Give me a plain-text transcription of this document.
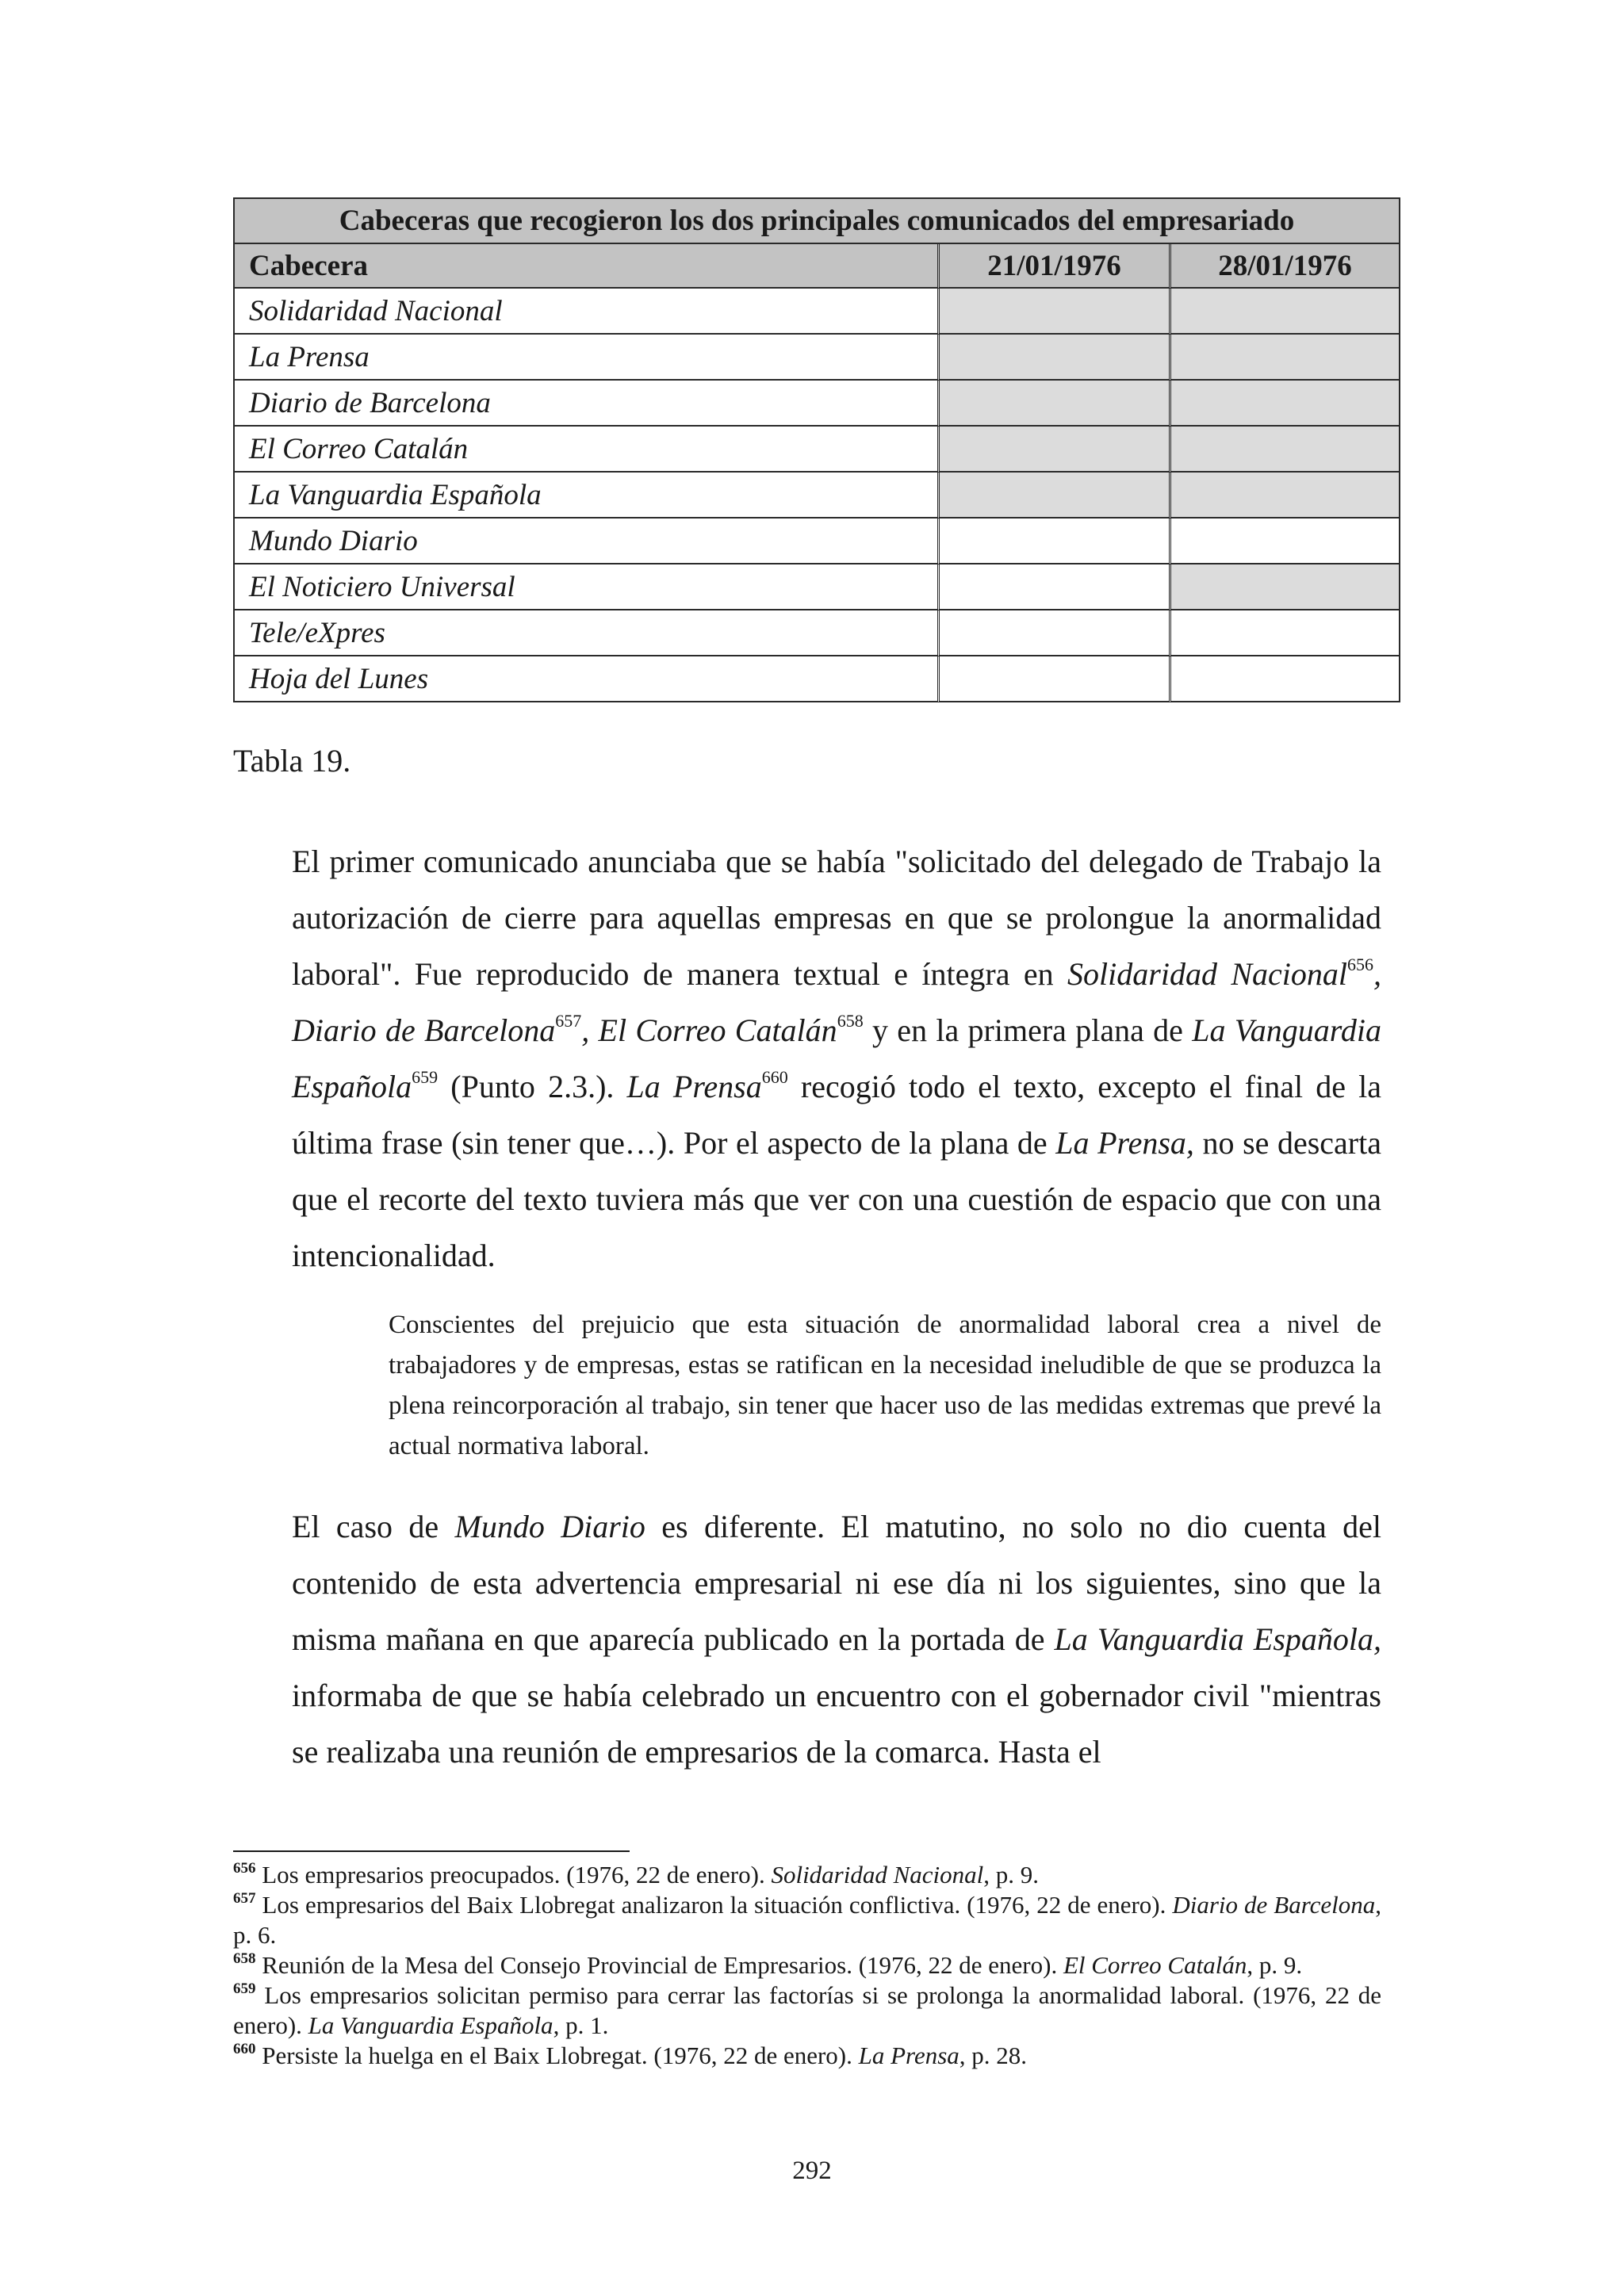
Cabeceras que recogieron los dos principales comunicados del empresariado		
Cabecera	21/01/1976	28/01/1976
Solidaridad Nacional		
La Prensa		
Diario de Barcelona		
El Correo Catalán		
La Vanguardia Española		
Mundo Diario		
El Noticiero Universal		
Tele/eXpres		
Hoja del Lunes		
Tabla 19.

El primer comunicado anunciaba que se había "solicitado del delegado de Trabajo la autorización de cierre para aquellas empresas en que se prolongue la anormalidad laboral". Fue reproducido de manera textual e íntegra en Solidaridad Nacional$^{656}$, Diario de Barcelona$^{657}$, El Correo Catalán$^{658}$ y en la primera plana de La Vanguardia Española$^{659}$ (Punto 2.3.). La Prensa$^{660}$ recogió todo el texto, excepto el final de la última frase (sin tener que…). Por el aspecto de la plana de La Prensa, no se descarta que el recorte del texto tuviera más que ver con una cuestión de espacio que con una intencionalidad.

Conscientes del prejuicio que esta situación de anormalidad laboral crea a nivel de trabajadores y de empresas, estas se ratifican en la necesidad ineludible de que se produzca la plena reincorporación al trabajo, sin tener que hacer uso de las medidas extremas que prevé la actual normativa laboral.

El caso de Mundo Diario es diferente. El matutino, no solo no dio cuenta del contenido de esta advertencia empresarial ni ese día ni los siguientes, sino que la misma mañana en que aparecía publicado en la portada de La Vanguardia Española, informaba de que se había celebrado un encuentro con el gobernador civil "mientras se realizaba una reunión de empresarios de la comarca. Hasta el

$^{656}$ Los empresarios preocupados. (1976, 22 de enero). Solidaridad Nacional, p. 9.

$^{657}$ Los empresarios del Baix Llobregat analizaron la situación conflictiva. (1976, 22 de enero). Diario de Barcelona, p. 6.

$^{658}$ Reunión de la Mesa del Consejo Provincial de Empresarios. (1976, 22 de enero). El Correo Catalán, p. 9.

$^{659}$ Los empresarios solicitan permiso para cerrar las factorías si se prolonga la anormalidad laboral. (1976, 22 de enero). La Vanguardia Española, p. 1.

$^{660}$ Persiste la huelga en el Baix Llobregat. (1976, 22 de enero). La Prensa, p. 28.

292
